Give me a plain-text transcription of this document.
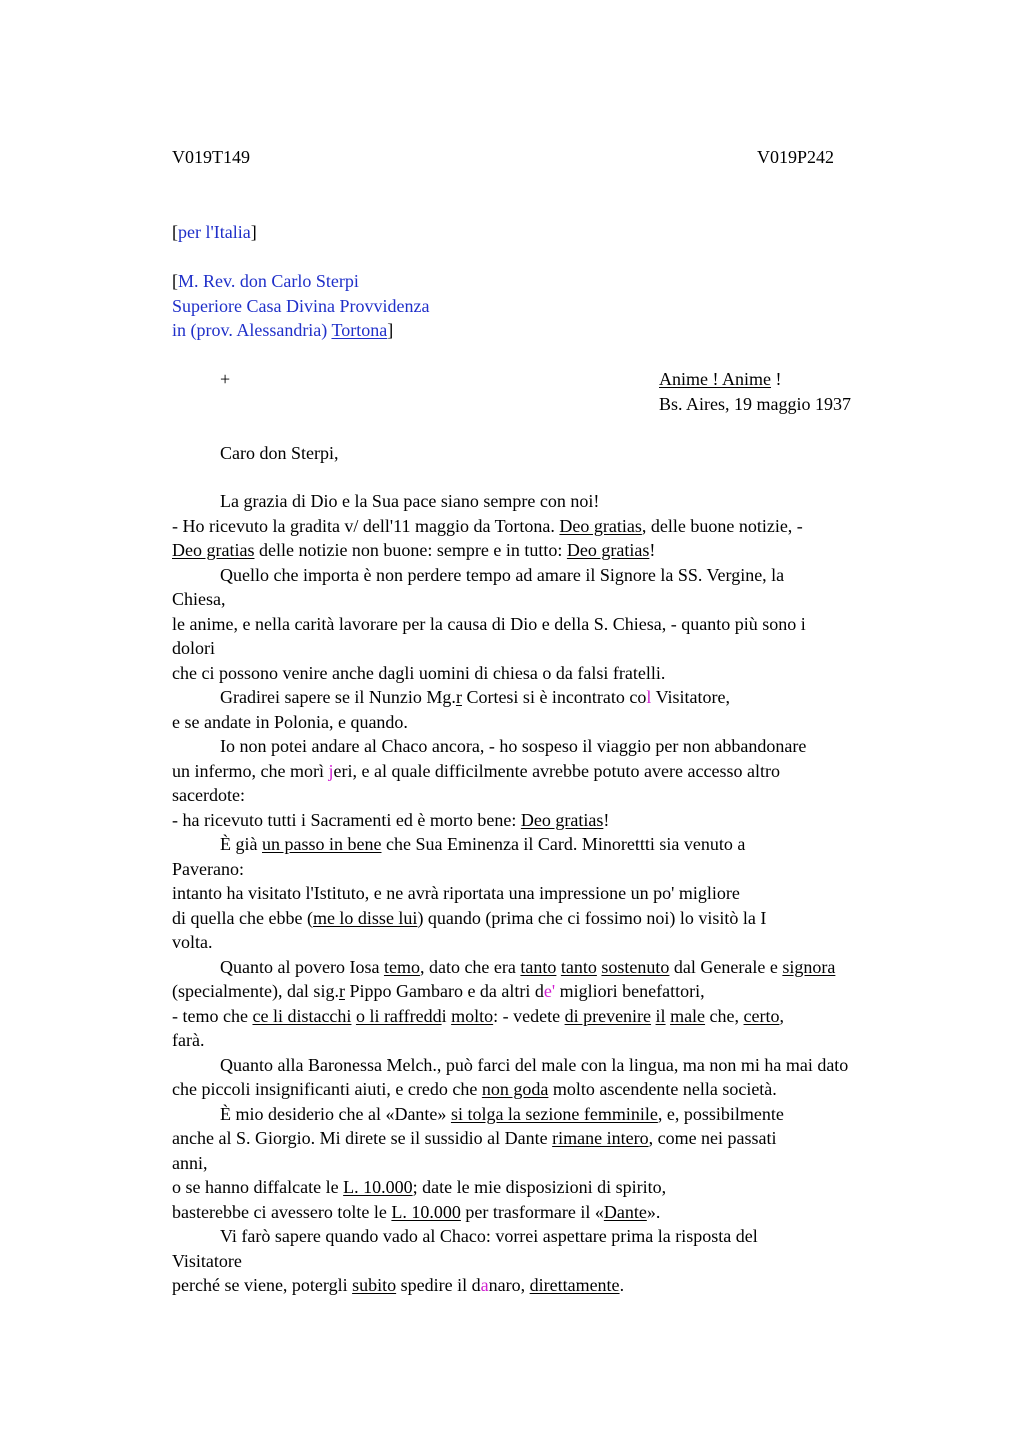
V019T149	V019P242
[per l'Italia]
[M. Rev. don Carlo Sterpi
Superiore Casa Divina Provvidenza
in (prov. Alessandria) Tortona]
+	Anime ! Anime !
Bs. Aires, 19 maggio 1937
Caro don Sterpi,
La grazia di Dio e la Sua pace siano sempre con noi!
- Ho ricevuto la gradita v/ dell'11 maggio da Tortona. Deo gratias, delle buone notizie, -
Deo gratias delle notizie non buone: sempre e in tutto: Deo gratias!
Quello che importa è non perdere tempo ad amare il Signore la SS. Vergine, la
Chiesa,
le anime, e nella carità lavorare per la causa di Dio e della S. Chiesa, - quanto più sono i
dolori
che ci possono venire anche dagli uomini di chiesa o da falsi fratelli.
Gradirei sapere se il Nunzio Mg.r Cortesi si è incontrato col Visitatore,
e se andate in Polonia, e quando.
Io non potei andare al Chaco ancora, - ho sospeso il viaggio per non abbandonare
un infermo, che morì jeri, e al quale difficilmente avrebbe potuto avere accesso altro
sacerdote:
- ha ricevuto tutti i Sacramenti ed è morto bene: Deo gratias!
È già un passo in bene che Sua Eminenza il Card. Minorettti sia venuto a
Paverano:
intanto ha visitato l'Istituto, e ne avrà riportata una impressione un po' migliore
di quella che ebbe (me lo disse lui) quando (prima che ci fossimo noi) lo visitò la I
volta.
Quanto al povero Iosa temo, dato che era tanto tanto sostenuto dal Generale e signora
(specialmente), dal sig.r Pippo Gambaro e da altri de' migliori benefattori,
- temo che ce li distacchi o li raffreddi molto: - vedete di prevenire il male che, certo,
farà.
Quanto alla Baronessa Melch., può farci del male con la lingua, ma non mi ha mai dato
che piccoli insignificanti aiuti, e credo che non goda molto ascendente nella società.
È mio desiderio che al «Dante» si tolga la sezione femminile, e, possibilmente
anche al S. Giorgio. Mi direte se il sussidio al Dante rimane intero, come nei passati
anni,
o se hanno diffalcate le L. 10.000; date le mie disposizioni di spirito,
basterebbe ci avessero tolte le L. 10.000 per trasformare il «Dante».
Vi farò sapere quando vado al Chaco: vorrei aspettare prima la risposta del
Visitatore
perché se viene, potergli subito spedire il danaro, direttamente.
